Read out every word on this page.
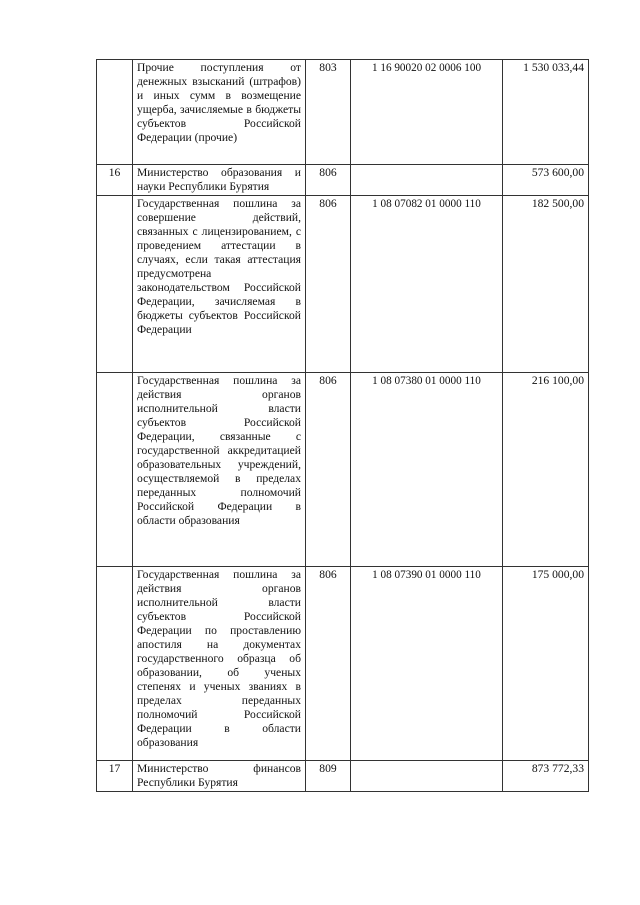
	Прочие поступления от денежных взысканий (штрафов) и иных сумм в возмещение ущерба, зачисляемые в бюджеты субъектов Российской Федерации (прочие)	803	1 16 90020 02 0006 100	1 530 033,44
16	Министерство образования и науки Республики Бурятия	806		573 600,00
	Государственная пошлина за совершение действий, связанных с лицензированием, с проведением аттестации в случаях, если такая аттестация предусмотрена законодательством Российской Федерации, зачисляемая в бюджеты субъектов Российской Федерации	806	1 08 07082 01 0000 110	182 500,00
	Государственная пошлина за действия органов исполнительной власти субъектов Российской Федерации, связанные с государственной аккредитацией образовательных учреждений, осуществляемой в пределах переданных полномочий Российской Федерации в области образования	806	1 08 07380 01 0000 110	216 100,00
	Государственная пошлина за действия органов исполнительной власти субъектов Российской Федерации по проставлению апостиля на документах государственного образца об образовании, об ученых степенях и ученых званиях в пределах переданных полномочий Российской Федерации в области образования	806	1 08 07390 01 0000 110	175 000,00
17	Министерство финансов Республики Бурятия	809		873 772,33
